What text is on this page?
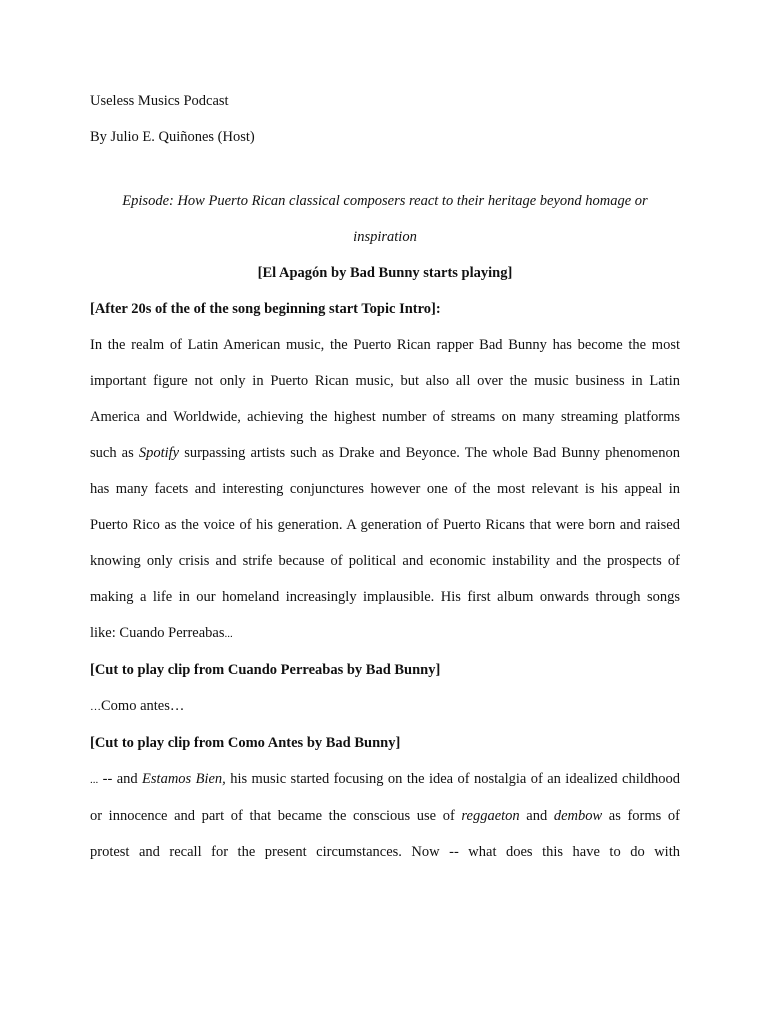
Useless Musics Podcast

By Julio E. Quiñones (Host)

Episode: How Puerto Rican classical composers react to their heritage beyond homage or
inspiration

[El Apagón by Bad Bunny starts playing]

[After 20s of the of the song beginning start Topic Intro]:

In the realm of Latin American music, the Puerto Rican rapper Bad Bunny has become the most
important figure not only in Puerto Rican music, but also all over the music business in Latin
America and Worldwide, achieving the highest number of streams on many streaming platforms
such as Spotify surpassing artists such as Drake and Beyonce. The whole Bad Bunny phenomenon
has many facets and interesting conjunctures however one of the most relevant is his appeal in
Puerto Rico as the voice of his generation. A generation of Puerto Ricans that were born and raised
knowing only crisis and strife because of political and economic instability and the prospects of
making a life in our homeland increasingly implausible. His first album onwards through songs
like: Cuando Perreabas...

[Cut to play clip from Cuando Perreabas by Bad Bunny]

…Como antes…

[Cut to play clip from Como Antes by Bad Bunny]

... -- and Estamos Bien, his music started focusing on the idea of nostalgia of an idealized childhood
or innocence and part of that became the conscious use of reggaeton and dembow as forms of
protest and recall for the present circumstances. Now -- what does this have to do with
